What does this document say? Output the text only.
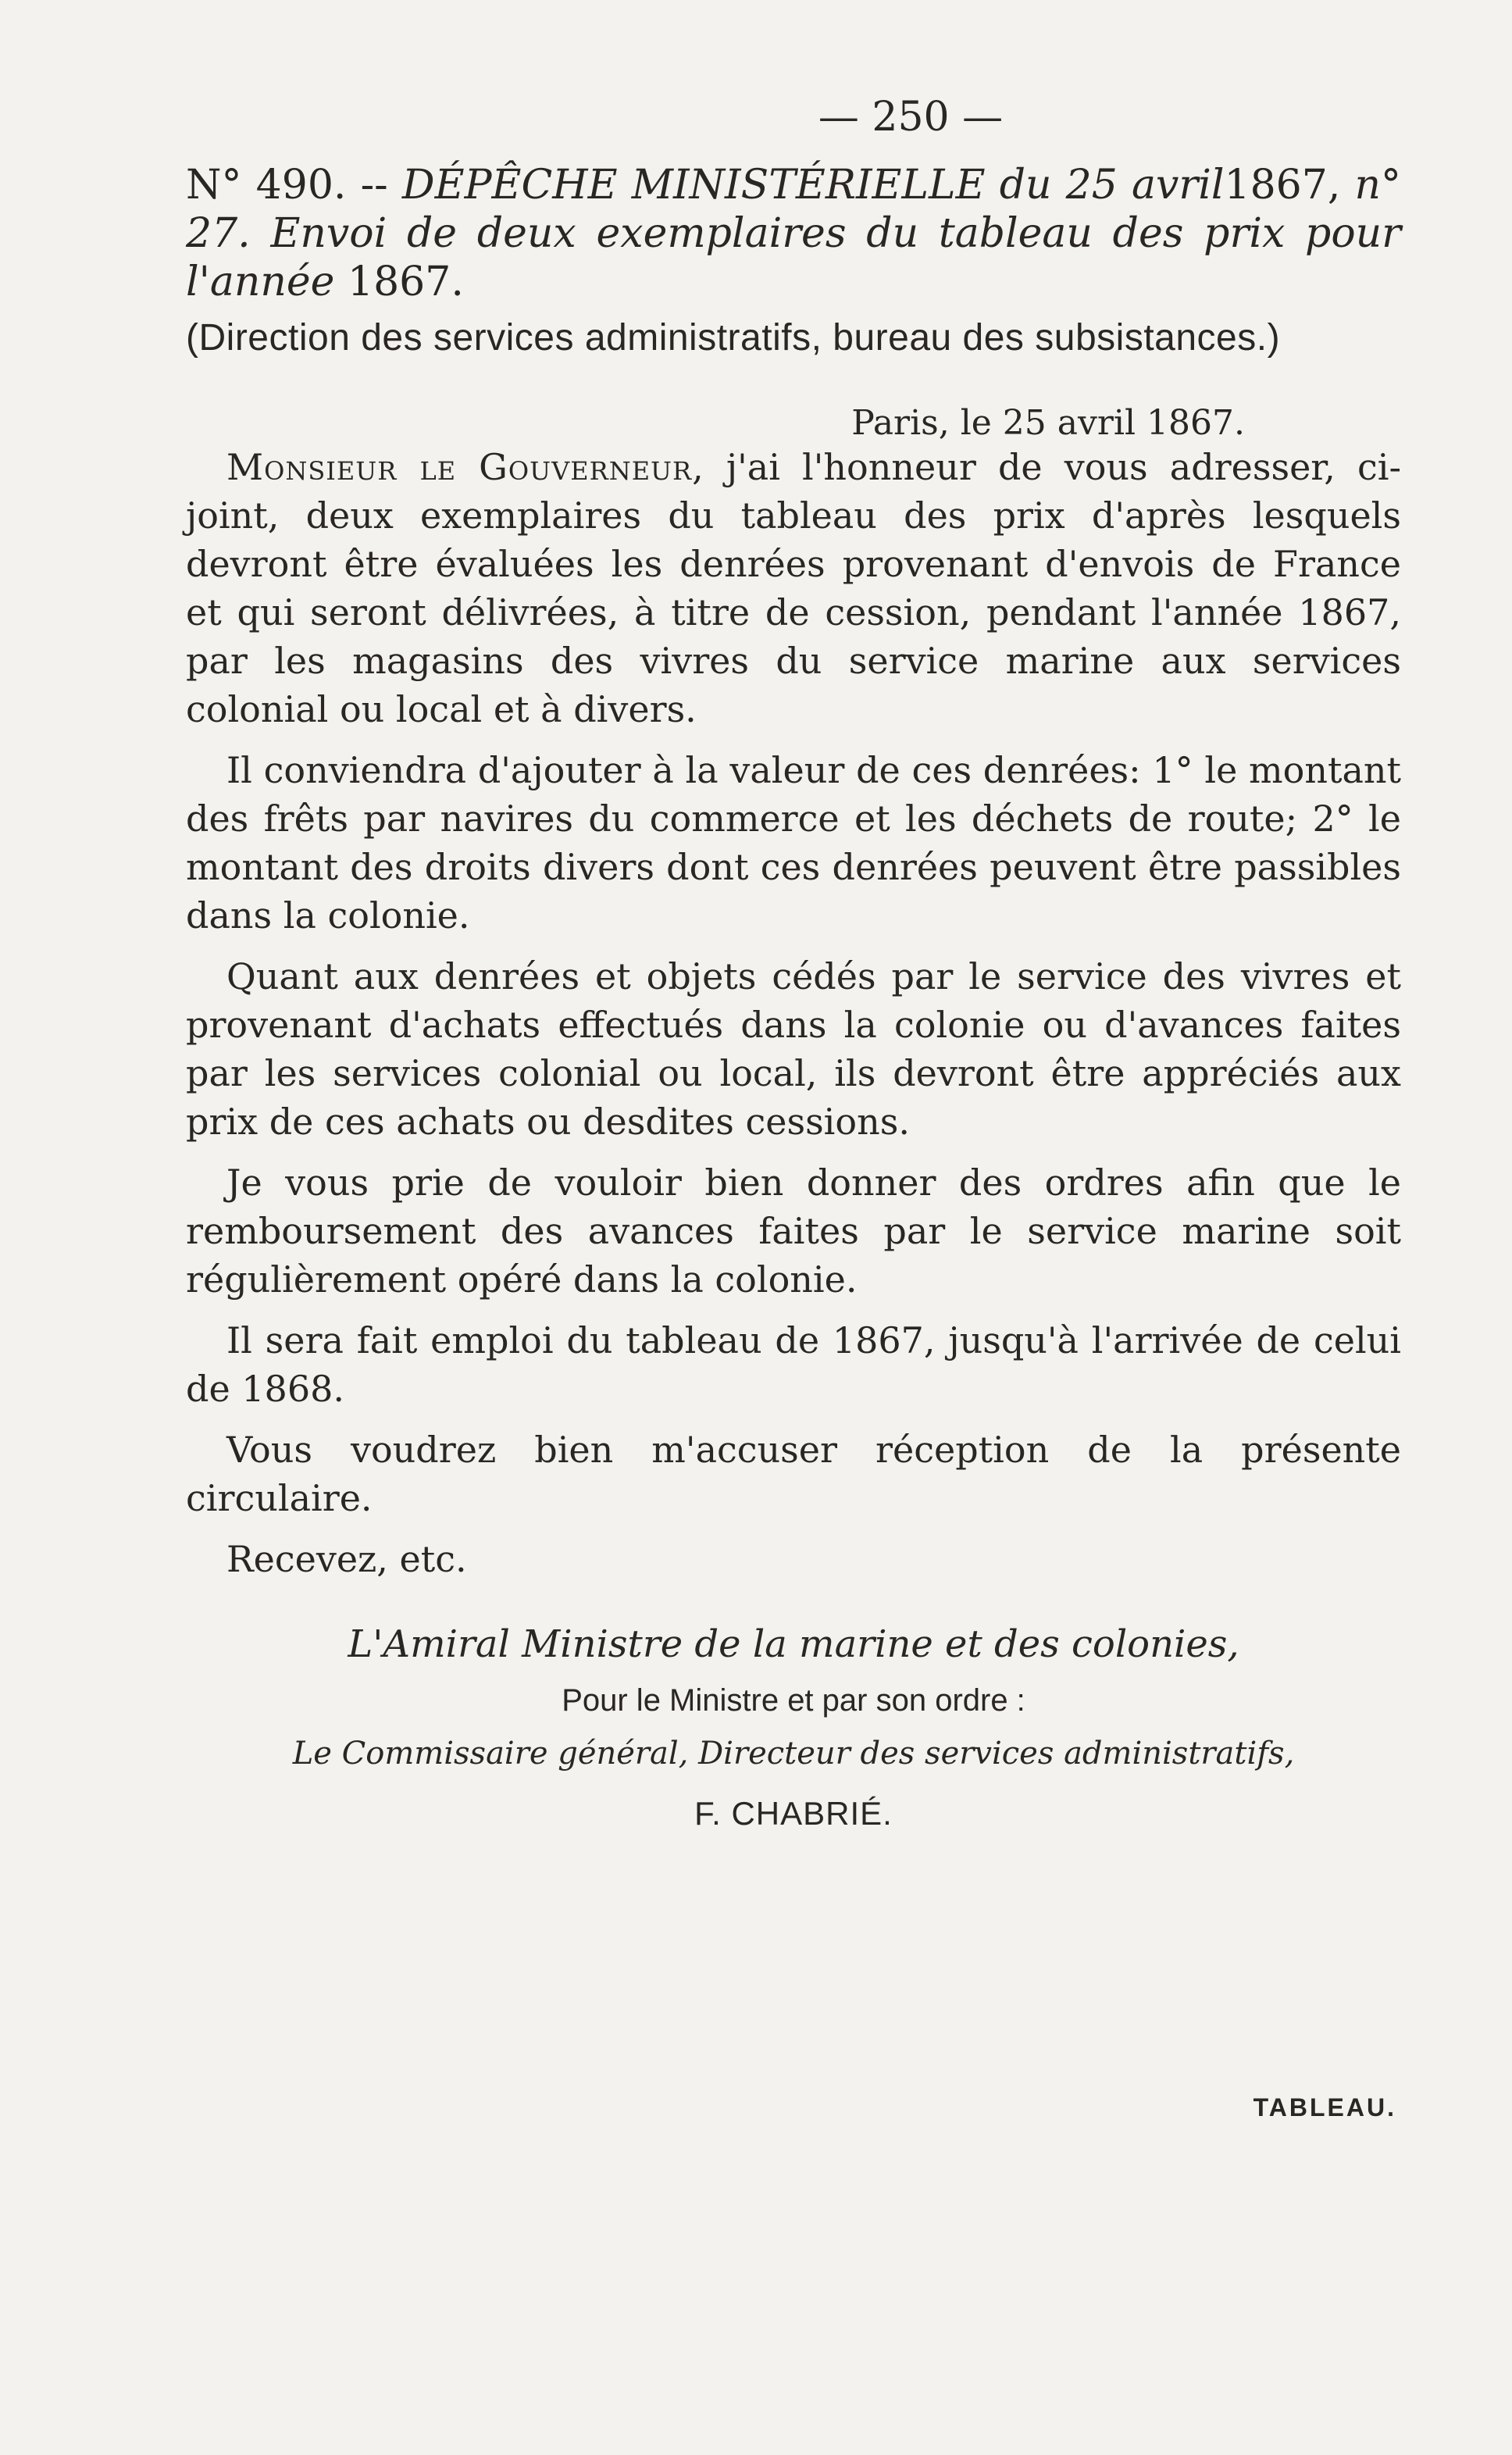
— 250 —

N° 490. -- DÉPÊCHE MINISTÉRIELLE du 25 avril1867, n° 27. Envoi de deux exemplaires du tableau des prix pour l'année 1867.

(Direction des services administratifs, bureau des subsistances.)
Paris, le 25 avril 1867.

Monsieur le Gouverneur, j'ai l'honneur de vous adresser, ci-joint, deux exemplaires du tableau des prix d'après lesquels devront être évaluées les denrées provenant d'envois de France et qui seront délivrées, à titre de cession, pendant l'année 1867, par les magasins des vivres du service marine aux services colonial ou local et à divers.

Il conviendra d'ajouter à la valeur de ces denrées: 1° le montant des frêts par navires du commerce et les déchets de route; 2° le montant des droits divers dont ces denrées peuvent être passibles dans la colonie.

Quant aux denrées et objets cédés par le service des vivres et provenant d'achats effectués dans la colonie ou d'avances faites par les services colonial ou local, ils devront être appréciés aux prix de ces achats ou desdites cessions.

Je vous prie de vouloir bien donner des ordres afin que le remboursement des avances faites par le service marine soit régulièrement opéré dans la colonie.

Il sera fait emploi du tableau de 1867, jusqu'à l'arrivée de celui de 1868.

Vous voudrez bien m'accuser réception de la présente circulaire.

Recevez, etc.

L'Amiral Ministre de la marine et des colonies,
Pour le Ministre et par son ordre :
Le Commissaire général, Directeur des services administratifs,
F. CHABRIÉ.
TABLEAU.
